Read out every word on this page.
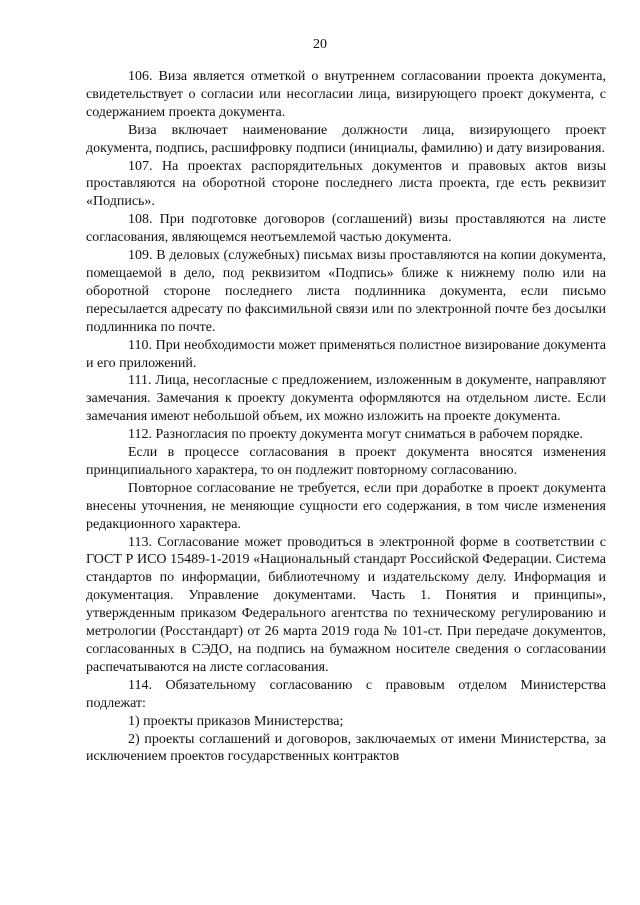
20

106. Виза является отметкой о внутреннем согласовании проекта документа, свидетельствует о согласии или несогласии лица, визирующего проект документа, с содержанием проекта документа.

Виза включает наименование должности лица, визирующего проект документа, подпись, расшифровку подписи (инициалы, фамилию) и дату визирования.

107. На проектах распорядительных документов и правовых актов визы проставляются на оборотной стороне последнего листа проекта, где есть реквизит «Подпись».

108. При подготовке договоров (соглашений) визы проставляются на листе согласования, являющемся неотъемлемой частью документа.

109. В деловых (служебных) письмах визы проставляются на копии документа, помещаемой в дело, под реквизитом «Подпись» ближе к нижнему полю или на оборотной стороне последнего листа подлинника документа, если письмо пересылается адресату по факсимильной связи или по электронной почте без досылки подлинника по почте.

110. При необходимости может применяться полистное визирование документа и его приложений.

111. Лица, несогласные с предложением, изложенным в документе, направляют замечания. Замечания к проекту документа оформляются на отдельном листе. Если замечания имеют небольшой объем, их можно изложить на проекте документа.

112. Разногласия по проекту документа могут сниматься в рабочем порядке.

Если в процессе согласования в проект документа вносятся изменения принципиального характера, то он подлежит повторному согласованию.

Повторное согласование не требуется, если при доработке в проект документа внесены уточнения, не меняющие сущности его содержания, в том числе изменения редакционного характера.

113. Согласование может проводиться в электронной форме в соответствии с ГОСТ Р ИСО 15489-1-2019 «Национальный стандарт Российской Федерации. Система стандартов по информации, библиотечному и издательскому делу. Информация и документация. Управление документами. Часть 1. Понятия и принципы», утвержденным приказом Федерального агентства по техническому регулированию и метрологии (Росстандарт) от 26 марта 2019 года № 101-ст. При передаче документов, согласованных в СЭДО, на подпись на бумажном носителе сведения о согласовании распечатываются на листе согласования.

114. Обязательному согласованию с правовым отделом Министерства подлежат:

1) проекты приказов Министерства;

2) проекты соглашений и договоров, заключаемых от имени Министерства, за исключением проектов государственных контрактов
